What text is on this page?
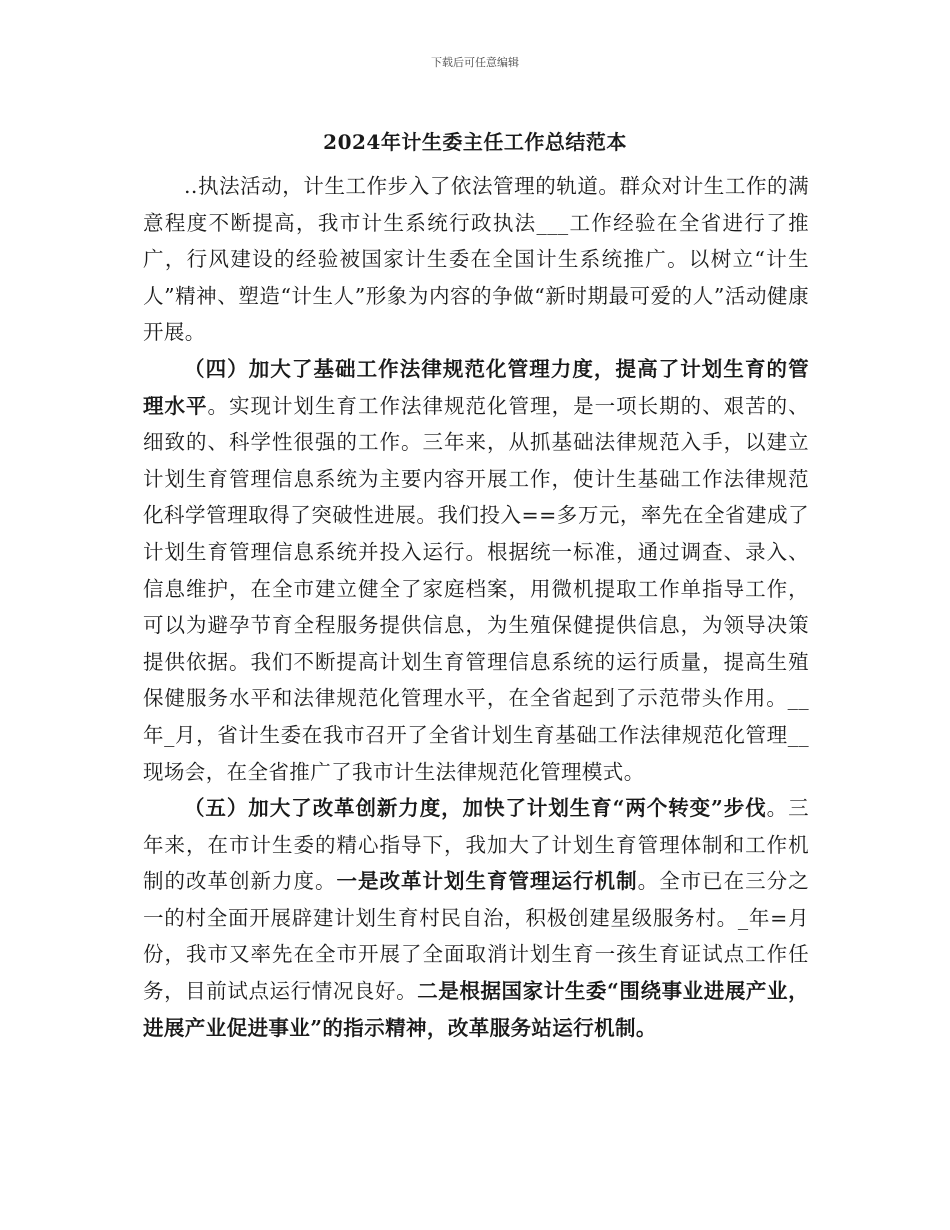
下载后可任意编辑
2024年计生委主任工作总结范本

..执法活动，计生工作步入了依法管理的轨道。群众对计生工作的满意程度不断提高，我市计生系统行政执法___工作经验在全省进行了推广，行风建设的经验被国家计生委在全国计生系统推广。以树立“计生人”精神、塑造“计生人”形象为内容的争做“新时期最可爱的人”活动健康开展。

（四）加大了基础工作法律规范化管理力度，提高了计划生育的管理水平。实现计划生育工作法律规范化管理，是一项长期的、艰苦的、细致的、科学性很强的工作。三年来，从抓基础法律规范入手，以建立计划生育管理信息系统为主要内容开展工作，使计生基础工作法律规范化科学管理取得了突破性进展。我们投入==多万元，率先在全省建成了计划生育管理信息系统并投入运行。根据统一标准，通过调查、录入、信息维护，在全市建立健全了家庭档案，用微机提取工作单指导工作，可以为避孕节育全程服务提供信息，为生殖保健提供信息，为领导决策提供依据。我们不断提高计划生育管理信息系统的运行质量，提高生殖保健服务水平和法律规范化管理水平，在全省起到了示范带头作用。__年_月，省计生委在我市召开了全省计划生育基础工作法律规范化管理__现场会，在全省推广了我市计生法律规范化管理模式。

（五）加大了改革创新力度，加快了计划生育“两个转变”步伐。三年来，在市计生委的精心指导下，我加大了计划生育管理体制和工作机制的改革创新力度。一是改革计划生育管理运行机制。全市已在三分之一的村全面开展辟建计划生育村民自治，积极创建星级服务村。_年=月份，我市又率先在全市开展了全面取消计划生育一孩生育证试点工作任务，目前试点运行情况良好。二是根据国家计生委“围绕事业进展产业，进展产业促进事业”的指示精神，改革服务站运行机制。
